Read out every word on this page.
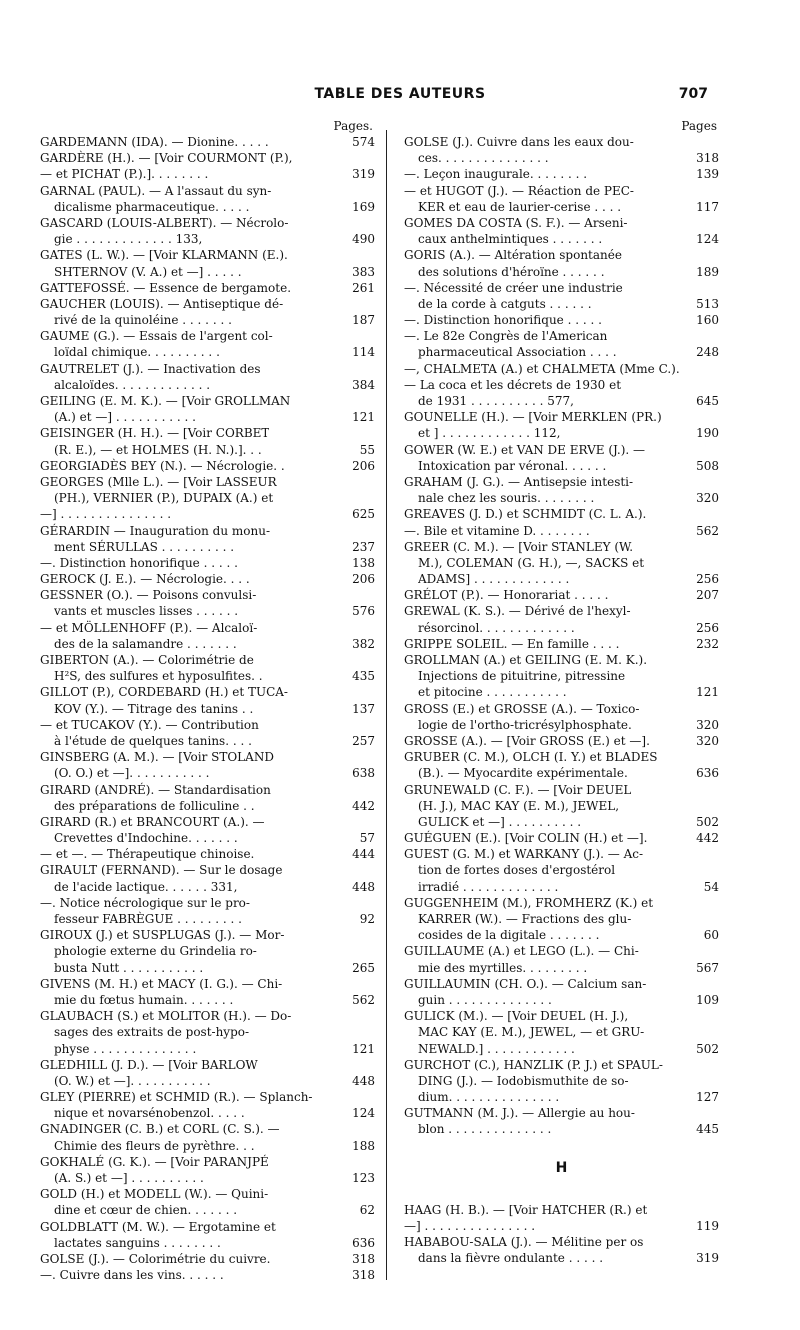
TABLE DES AUTEURS	707
Pages.
GARDEMANN (IDA). — Dionine. . . . .	574
GARDÈRE (H.). — [Voir COURMONT (P.),
— et PICHAT (P.).]. . . . . . . .	319
GARNAL (PAUL). — A l'assaut du syn-
dicalisme pharmaceutique. . . . .	169
GASCARD (LOUIS-ALBERT). — Nécrolo-
gie . . . . . . . . . . . . . 133,	490
GATES (L. W.). — [Voir KLARMANN (E.).
SHTERNOV (V. A.) et —] . . . . .	383
GATTEFOSSÉ. — Essence de bergamote.	261
GAUCHER (LOUIS). — Antiseptique dé-
rivé de la quinoléine . . . . . . .	187
GAUME (G.). — Essais de l'argent col-
loïdal chimique. . . . . . . . . .	114
GAUTRELET (J.). — Inactivation des
alcaloïdes. . . . . . . . . . . . .	384
GEILING (E. M. K.). — [Voir GROLLMAN
(A.) et —] . . . . . . . . . . .	121
GEISINGER (H. H.). — [Voir CORBET
(R. E.), — et HOLMES (H. N.).]. . .	55
GEORGIADÈS BEY (N.). — Nécrologie. .	206
GEORGES (Mlle L.). — [Voir LASSEUR
(PH.), VERNIER (P.), DUPAIX (A.) et
—] . . . . . . . . . . . . . . .	625
GÉRARDIN — Inauguration du monu-
ment SÉRULLAS . . . . . . . . . .	237
—. Distinction honorifique . . . . .	138
GEROCK (J. E.). — Nécrologie. . . .	206
GESSNER (O.). — Poisons convulsi-
vants et muscles lisses . . . . . .	576
— et MÖLLENHOFF (P.). — Alcaloï-
des de la salamandre . . . . . . .	382
GIBERTON (A.). — Colorimétrie de
H²S, des sulfures et hyposulfites. .	435
GILLOT (P.), CORDEBARD (H.) et TUCA-
KOV (Y.). — Titrage des tanins . .	137
— et TUCAKOV (Y.). — Contribution
à l'étude de quelques tanins. . . .	257
GINSBERG (A. M.). — [Voir STOLAND
(O. O.) et —]. . . . . . . . . . .	638
GIRARD (ANDRÉ). — Standardisation
des préparations de folliculine . .	442
GIRARD (R.) et BRANCOURT (A.). —
Crevettes d'Indochine. . . . . . .	57
— et —. — Thérapeutique chinoise.	444
GIRAULT (FERNAND). — Sur le dosage
de l'acide lactique. . . . . . 331,	448
—. Notice nécrologique sur le pro-
fesseur FABRÈGUE . . . . . . . . .	92
GIROUX (J.) et SUSPLUGAS (J.). — Mor-
phologie externe du Grindelia ro-
busta Nutt . . . . . . . . . . .	265
GIVENS (M. H.) et MACY (I. G.). — Chi-
mie du fœtus humain. . . . . . .	562
GLAUBACH (S.) et MOLITOR (H.). — Do-
sages des extraits de post-hypo-
physe . . . . . . . . . . . . . .	121
GLEDHILL (J. D.). — [Voir BARLOW
(O. W.) et —]. . . . . . . . . . .	448
GLEY (PIERRE) et SCHMID (R.). — Splanch-
nique et novarsénobenzol. . . . .	124
GNADINGER (C. B.) et CORL (C. S.). —
Chimie des fleurs de pyrèthre. . .	188
GOKHALÉ (G. K.). — [Voir PARANJPÉ
(A. S.) et —] . . . . . . . . . .	123
GOLD (H.) et MODELL (W.). — Quini-
dine et cœur de chien. . . . . . .	62
GOLDBLATT (M. W.). — Ergotamine et
lactates sanguins . . . . . . . .	636
GOLSE (J.). — Colorimétrie du cuivre.	318
—. Cuivre dans les vins. . . . . .	318
Pages
GOLSE (J.). Cuivre dans les eaux dou-
ces. . . . . . . . . . . . . . .	318
—. Leçon inaugurale. . . . . . . .	139
— et HUGOT (J.). — Réaction de PEC-
KER et eau de laurier-cerise . . . .	117
GOMES DA COSTA (S. F.). — Arseni-
caux anthelmintiques . . . . . . .	124
GORIS (A.). — Altération spontanée
des solutions d'héroïne . . . . . .	189
—. Nécessité de créer une industrie
de la corde à catguts . . . . . .	513
—. Distinction honorifique . . . . .	160
—. Le 82e Congrès de l'American
pharmaceutical Association . . . .	248
—, CHALMETA (A.) et CHALMETA (Mme C.).
— La coca et les décrets de 1930 et
de 1931 . . . . . . . . . . 577,	645
GOUNELLE (H.). — [Voir MERKLEN (PR.)
et ] . . . . . . . . . . . . 112,	190
GOWER (W. E.) et VAN DE ERVE (J.). —
Intoxication par véronal. . . . . .	508
GRAHAM (J. G.). — Antisepsie intesti-
nale chez les souris. . . . . . . .	320
GREAVES (J. D.) et SCHMIDT (C. L. A.).
—. Bile et vitamine D. . . . . . . .	562
GREER (C. M.). — [Voir STANLEY (W.
M.), COLEMAN (G. H.), —, SACKS et
ADAMS] . . . . . . . . . . . . .	256
GRÉLOT (P.). — Honorariat . . . . .	207
GREWAL (K. S.). — Dérivé de l'hexyl-
résorcinol. . . . . . . . . . . . .	256
GRIPPE SOLEIL. — En famille . . . .	232
GROLLMAN (A.) et GEILING (E. M. K.).
Injections de pituitrine, pitressine
et pitocine . . . . . . . . . . .	121
GROSS (E.) et GROSSE (A.). — Toxico-
logie de l'ortho-tricrésylphosphate.	320
GROSSE (A.). — [Voir GROSS (E.) et —].	320
GRUBER (C. M.), OLCH (I. Y.) et BLADES
(B.). — Myocardite expérimentale.	636
GRUNEWALD (C. F.). — [Voir DEUEL
(H. J.), MAC KAY (E. M.), JEWEL,
GULICK et —] . . . . . . . . . .	502
GUÉGUEN (E.). [Voir COLIN (H.) et —].	442
GUEST (G. M.) et WARKANY (J.). — Ac-
tion de fortes doses d'ergostérol
irradié . . . . . . . . . . . . .	54
GUGGENHEIM (M.), FROMHERZ (K.) et
KARRER (W.). — Fractions des glu-
cosides de la digitale . . . . . . .	60
GUILLAUME (A.) et LEGO (L.). — Chi-
mie des myrtilles. . . . . . . . .	567
GUILLAUMIN (CH. O.). — Calcium san-
guin . . . . . . . . . . . . . .	109
GULICK (M.). — [Voir DEUEL (H. J.),
MAC KAY (E. M.), JEWEL, — et GRU-
NEWALD.] . . . . . . . . . . . .	502
GURCHOT (C.), HANZLIK (P. J.) et SPAUL-
DING (J.). — Iodobismuthite de so-
dium. . . . . . . . . . . . . . .	127
GUTMANN (M. J.). — Allergie au hou-
blon . . . . . . . . . . . . . .	445
H
HAAG (H. B.). — [Voir HATCHER (R.) et
—] . . . . . . . . . . . . . . .	119
HABABOU-SALA (J.). — Mélitine per os
dans la fièvre ondulante . . . . .	319
